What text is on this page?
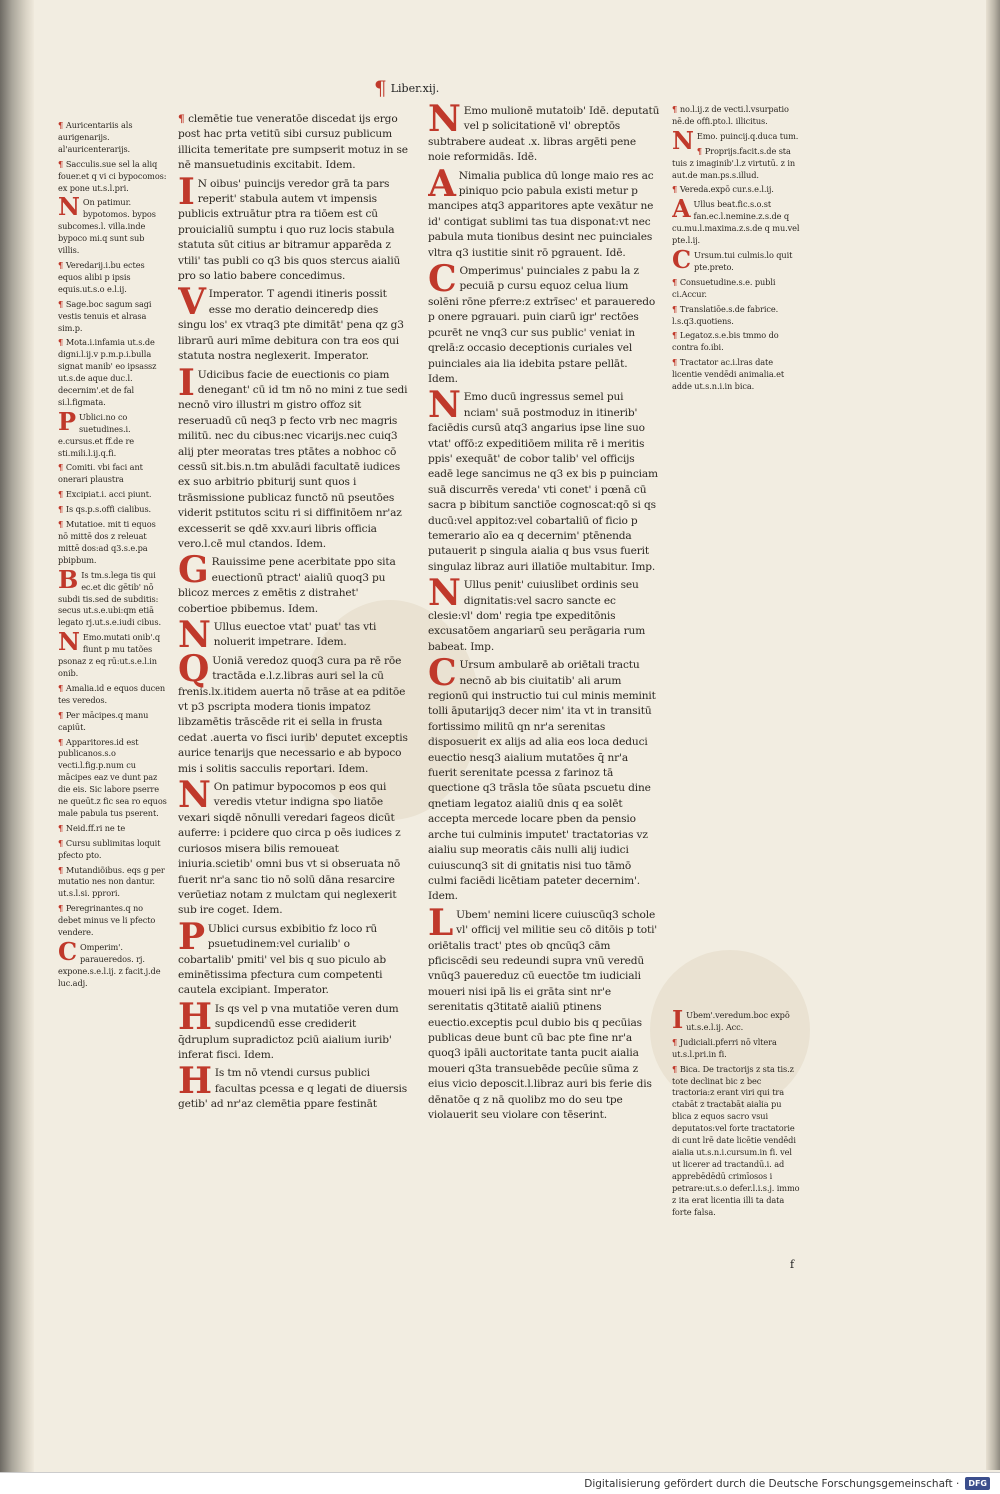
¶ Liber.xij.

¶ Auricentariis als aurigenarijs. al'auricenterarijs.

¶ Sacculis.sue sel la aliq fouer.et q vi ci bypocomos: ex pone ut.s.l.pri.

N On patimur. bypotomos. bypos subcomes.l. villa.inde bypoco mi.q sunt sub villis.

¶ Veredarij.i.bu ectes equos alibi p ipsis equis.ut.s.o e.l.ij.

¶ Sage.boc sagum sagi vestis tenuis et alrasa sim.p.

¶ Mota.i.infamia ut.s.de digni.l.ij.v p.m.p.i.bulla signat manib' eo ipsassz ut.s.de aque duc.l. decernim'.et de fal si.l.figmata.

P Ublici.no co suetudines.i. e.cursus.et ff.de re sti.mili.l.ij.q.fi.

¶ Comiti. vbi faci ant onerari plaustra

¶ Excipiat.i. acci piunt.

¶ Is qs.p.s.offi cialibus.

¶ Mutatioe. mit ti equos nō mittē dos z releuat mittē dos:ad q3.s.e.pa pbipbum.

B Is tm.s.lega tis qui ec.et dic gētib' nō subdi tis.sed de subditis: secus ut.s.e.ubi:qm etiā legato rj.ut.s.e.iudi cibus.

N Emo.mutati onib'.q fiunt p mu tatões psonaz z eq rū:ut.s.e.l.in onib.

¶ Amalia.id e equos ducen tes veredos.

¶ Per mācipes.q manu capiūt.

¶ Apparitores.id est publicanos.s.o vecti.l.fig.p.num cu mācipes eaz ve dunt paz die eis. Sic labore pserre ne queūt.z fic sea ro equos male pabula tus pserent.

¶ Neid.ff.ri ne te

¶ Cursu sublimitas loquit pfecto pto.

¶ Mutandiõibus. eqs g per mutatio nes non dantur. ut.s.l.si. pprori.

¶ Peregrinantes.q no debet minus ve li pfecto vendere.

C Omperim'. paraueredos. rj. expone.s.e.l.ij. z facit.j.de luc.adj.

¶ clemētie tue veneratōe discedat ijs ergo post hac prta vetitū sibi cursuz publicum illicita temeritate pre sumpserit motuz in se nē mansuetudinis excitabit. Idem.

I N oibus' puincijs veredor grā ta pars reperit' stabula autem vt impensis publicis extruātur ptra ra tiōem est cū prouicialiū sumptu i quo ruz locis stabula statuta sūt citius ar bitramur apparēda z vtili' tas publi co q3 bis quos stercus aialiū pro so latio babere concedimus.

V Imperator. T agendi itineris possit esse mo deratio deinceredp dies singu los' ex vtraq3 pte dimitāt' pena qz g3 librarū auri mīme debitura con tra eos qui statuta nostra neglexerit. Imperator.

I Udicibus facie de euectionis co piam denegant' cū id tm nō no mini z tue sedi necnō viro illustri m gistro offoz sit reseruadū cū neq3 p fecto vrb nec magris militū. nec du cibus:nec vicarijs.nec cuiq3 alij pter meoratas tres ptātes a nobhoc cō cessū sit.bis.n.tm abulādi facultatē iudices ex suo arbitrio pbiturij sunt quos i trāsmissione publicaz functō nū pseutōes viderit pstitutos scitu ri si diffinitōem nr'az excesserit se qdē xxv.auri libris officia vero.l.cē mul ctandos. Idem.

G Rauissime pene acerbitate ppo sita euectionū ptract' aialiū quoq3 pu blicoz merces z emētis z distrahet' cobertioe pbibemus. Idem.

N Ullus euectoe vtat' puat' tas vti noluerit impetrare. Idem.

Q Uoniā veredoz quoq3 cura pa rē rōe tractāda e.l.z.libras auri sel la cū frenis.lx.itidem auerta nō trāse at ea pditōe vt p3 pscripta modera tionis impatoz libzamētis trāscēde rit ei sella in frusta cedat .auerta vo fisci iurib' deputet exceptis aurice tenarijs que necessario e ab bypoco mis i solitis sacculis reportari. Idem.

N On patimur bypocomos p eos qui veredis vtetur indigna spo liatōe vexari siqdē nōnulli veredari fageos dicūt auferre: i pcidere quo circa p oēs iudices z curiosos misera bilis remoueat iniuria.scietib' omni bus vt si obseruata nō fuerit nr'a sanc tio nō solū dāna resarcire verūetiaz notam z mulctam qui neglexerit sub ire coget. Idem.

P Ublici cursus exbibitio fz loco rū psuetudinem:vel curialib' o cobartalib' pmiti' vel bis q suo piculo ab eminētissima pfectura cum competenti cautela excipiant. Imperator.

H Is qs vel p vna mutatiōe veren dum supdicendū esse crediderit q̄druplum supradictoz pciū aialium iurib' inferat fisci. Idem.

H Is tm nō vtendi cursus publici facultas pcessa e q legati de diuersis getib' ad nr'az clemētia ppare festināt

N Emo mulionē mutatoib' Idē. deputatū vel p solicitationē vl' obreptōs subtrabere audeat .x. libras argēti pene noie reformidās. Idē.

A Nimalia publica dū longe maio res ac piniquo pcio pabula existi metur p mancipes atq3 apparitores apte vexātur ne id' contigat sublimi tas tua disponat:vt nec pabula muta tionibus desint nec puinciales vltra q3 iustitie sinit rō pgrauent. Idē.

C Omperimus' puinciales z pabu la z pecuiā p cursu equoz celua lium solēni rōne pferre:z extrīsec' et paraueredo p onere pgrauari. puin ciarū igr' rectōes pcurēt ne vnq3 cur sus public' veniat in qrelā:z occasio deceptionis curiales vel puinciales aia lia idebita pstare pellāt. Idem.

N Emo ducū ingressus semel pui nciam' suā postmoduz in itinerib' faciēdis cursū atq3 angarius ipse line suo vtat' offō:z expeditiōem milita rē i meritis ppis' exequāt' de cobor talib' vel officijs eadē lege sancimus ne q3 ex bis p puinciam suā discurrēs vereda' vti conet' i pœnā cū sacra p bibitum sanctiōe cognoscat:qō si qs ducū:vel appitoz:vel cobartaliū of ficio p temerario aīo ea q decernim' ptēnenda putauerit p singula aialia q bus vsus fuerit singulaz libraz auri illatiōe multabitur. Imp.

N Ullus penit' cuiuslibet ordinis seu dignitatis:vel sacro sancte ec clesie:vl' dom' regia tpe expeditōnis excusatōem angariarū seu perāgaria rum babeat. Imp.

C Ursum ambularē ab oriētali tractu necnō ab bis ciuitatib' ali arum regionū qui instructio tui cul minis meminit tolli āputarijq3 decer nim' ita vt in transitū fortissimo militū qn nr'a serenitas disposuerit ex alijs ad alia eos loca deduci euectio nesq3 aialium mutatōes q̄ nr'a fuerit serenitate pcessa z farinoz tā quectione q3 trāsla tōe sūata pscuetu dine qnetiam legatoz aialiū dnis q ea solēt accepta mercede locare pben da pensio arche tui culminis imputet' tractatorias vz aialiu sup meoratis cāis nulli alij iudici cuiuscunq3 sit di gnitatis nisi tuo tāmō culmi faciēdi licētiam pateter decernim'. Idem.

L Ubem' nemini licere cuiuscūq3 schole vl' officij vel militie seu cō ditōis p toti' oriētalis tract' ptes ob qncūq3 cām pficiscēdi seu redeundi supra vnū veredū vnūq3 pauereduz cū euectōe tm iudiciali moueri nisi ipā lis ei grāta sint nr'e serenitatis q3titatē aialiū ptinens euectio.exceptis pcul dubio bis q pecūias publicas deue bunt cū bac pte fine nr'a quoq3 ipāli auctoritate tanta pucit aialia moueri q3ta transuebēde pecūie sūma z eius vicio deposcit.l.libraz auri bis ferie dis dēnatōe q z nā quolibz mo do seu tpe violauerit seu violare con tēserint.

¶ no.l.ij.z de vecti.l.vsurpatio nē.de offi.pto.l. illicitus.

N Emo. puincij.q.duca tum.

¶ Proprijs.facit.s.de sta tuis z imaginib'.l.z virtutū. z in aut.de man.ps.s.illud.

¶ Vereda.expō cur.s.e.l.ij.

A Ullus beat.fic.s.o.st fan.ec.l.nemine.z.s.de q cu.mu.l.maxima.z.s.de q mu.vel pte.l.ij.

C Ursum.tui culmis.lo quit pte.preto.

¶ Consuetudine.s.e. publi ci.Accur.

¶ Translatiōe.s.de fabrice. l.s.q3.quotiens.

¶ Legatoz.s.e.bis tmmo do contra fo.ibi.

¶ Tractator ac.i.lras date licentie vendēdi animalia.et adde ut.s.n.i.in bica.

I Ubem'.veredum.boc expō ut.s.e.l.ij. Acc.

¶ Judiciali.pferri nō vltera ut.s.l.pri.in fi.

¶ Bica. De tractorijs z sta tis.z tote declinat bic z bec tractoria:z erant viri qui tra ctabāt z tractabāt aialia pu blica z equos sacro vsui deputatos:vel forte tractatorie di cunt lrē date licētie vendēdi aialia ut.s.n.i.cursum.in fi. vel ut licerer ad tractandū.i. ad apprebēdēdū crimīosos i petrare:ut.s.o defer.l.i.s.j. immo z ita erat licentia illi ta data forte falsa.

f
Digitalisierung gefördert durch die Deutsche Forschungsgemeinschaft ·	DFG
